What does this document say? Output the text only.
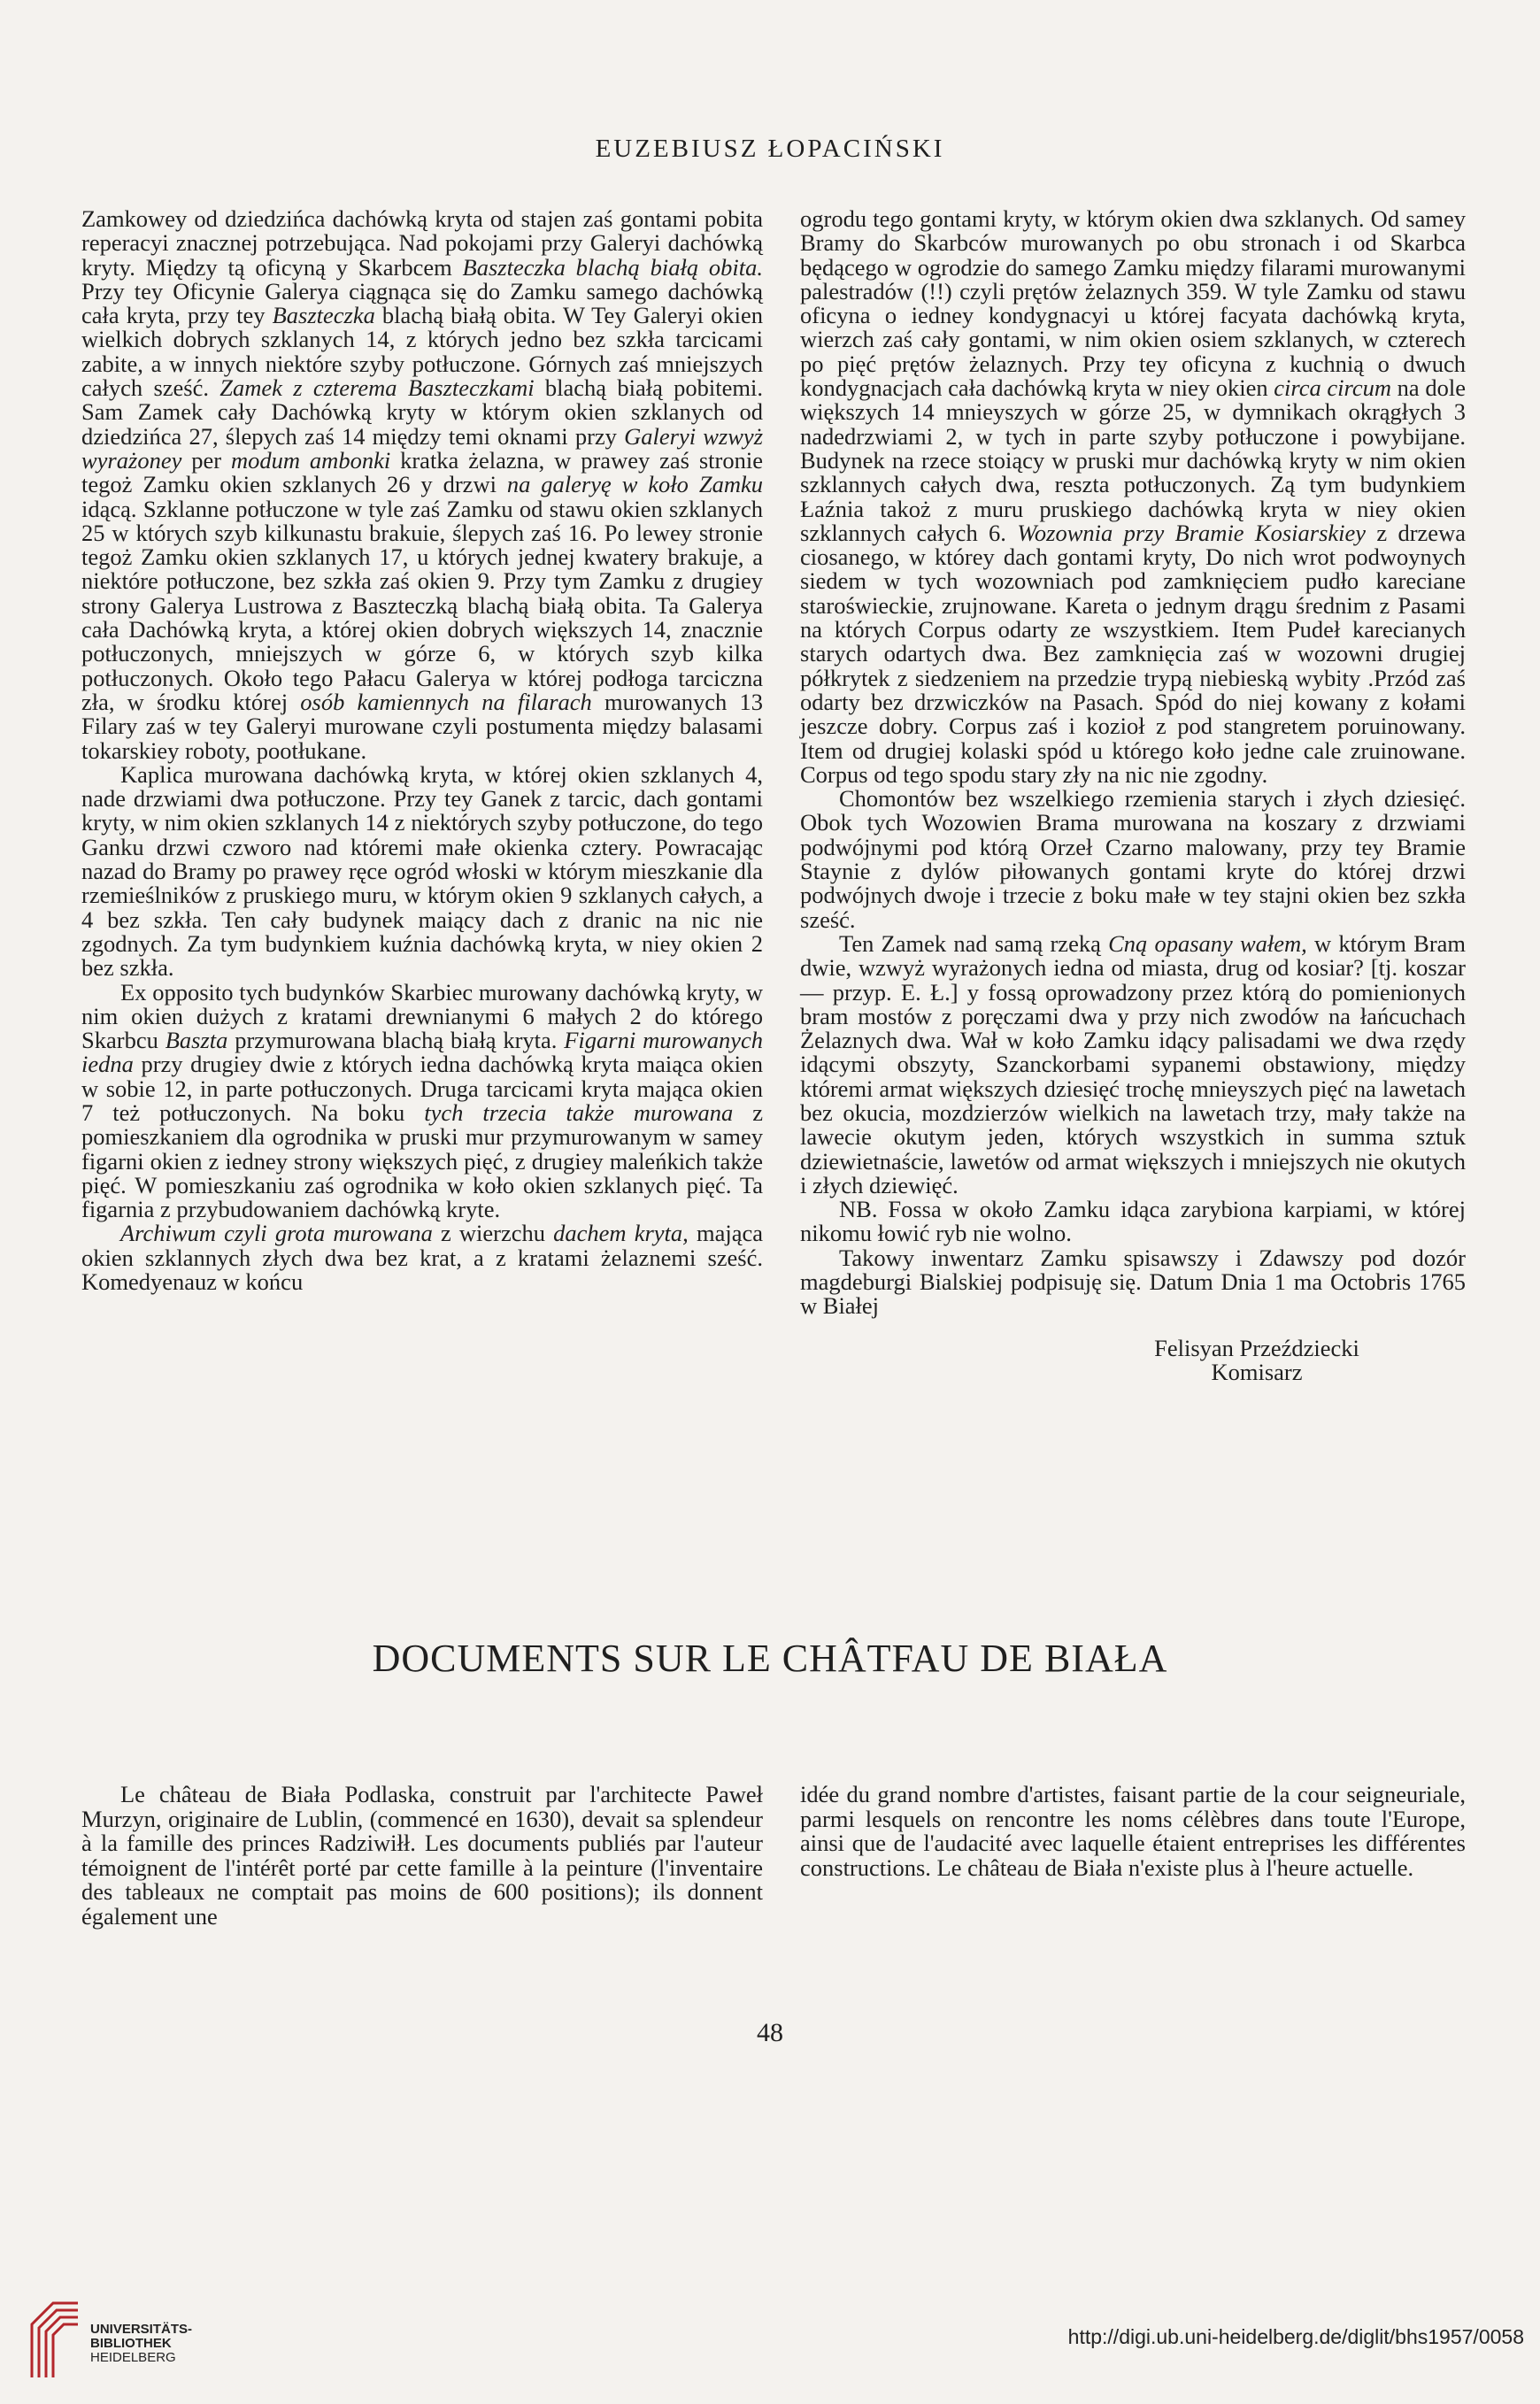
EUZEBIUSZ ŁOPACIŃSKI

Zamkowey od dziedzińca dachówką kryta od stajen zaś gontami pobita reperacyi znacznej potrzebująca. Nad pokojami przy Galeryi dachówką kryty. Między tą oficyną y Skarbcem Baszteczka blachą białą obita. Przy tey Oficynie Galerya ciągnąca się do Zamku samego dachówką cała kryta, przy tey Baszteczka blachą białą obita. W Tey Galeryi okien wielkich dobrych szklanych 14, z których jedno bez szkła tarcicami zabite, a w innych niektóre szyby potłuczone. Górnych zaś mniejszych całych sześć. Zamek z czterema Baszteczkami blachą białą pobitemi. Sam Zamek cały Dachówką kryty w którym okien szklanych od dziedzińca 27, ślepych zaś 14 między temi oknami przy Galeryi wzwyż wyrażoney per modum ambonki kratka żelazna, w prawey zaś stronie tegoż Zamku okien szklanych 26 y drzwi na galeryę w koło Zamku idącą. Szklanne potłuczone w tyle zaś Zamku od stawu okien szklanych 25 w których szyb kilkunastu brakuie, ślepych zaś 16. Po lewey stronie tegoż Zamku okien szklanych 17, u których jednej kwatery brakuje, a niektóre potłuczone, bez szkła zaś okien 9. Przy tym Zamku z drugiey strony Galerya Lustrowa z Baszteczką blachą białą obita. Ta Galerya cała Dachówką kryta, a której okien dobrych większych 14, znacznie potłuczonych, mniejszych w górze 6, w których szyb kilka potłuczonych. Około tego Pałacu Galerya w której podłoga tarciczna zła, w środku której osób kamiennych na filarach murowanych 13 Filary zaś w tey Galeryi murowane czyli postumenta między balasami tokarskiey roboty, pootłukane.

Kaplica murowana dachówką kryta, w której okien szklanych 4, nade drzwiami dwa potłuczone. Przy tey Ganek z tarcic, dach gontami kryty, w nim okien szklanych 14 z niektórych szyby potłuczone, do tego Ganku drzwi czworo nad któremi małe okienka cztery. Powracając nazad do Bramy po prawey ręce ogród włoski w którym mieszkanie dla rzemieślników z pruskiego muru, w którym okien 9 szklanych całych, a 4 bez szkła. Ten cały budynek maiący dach z dranic na nic nie zgodnych. Za tym budynkiem kuźnia dachówką kryta, w niey okien 2 bez szkła.

Ex opposito tych budynków Skarbiec murowany dachówką kryty, w nim okien dużych z kratami drewnianymi 6 małych 2 do którego Skarbcu Baszta przymurowana blachą białą kryta. Figarni murowanych iedna przy drugiey dwie z których iedna dachówką kryta maiąca okien w sobie 12, in parte potłuczonych. Druga tarcicami kryta mająca okien 7 też potłuczonych. Na boku tych trzecia także murowana z pomieszkaniem dla ogrodnika w pruski mur przymurowanym w samey figarni okien z iedney strony większych pięć, z drugiey maleńkich także pięć. W pomieszkaniu zaś ogrodnika w koło okien szklanych pięć. Ta figarnia z przybudowaniem dachówką kryte.

Archiwum czyli grota murowana z wierzchu dachem kryta, mająca okien szklannych złych dwa bez krat, a z kratami żelaznemi sześć. Komedyenauz w końcu

ogrodu tego gontami kryty, w którym okien dwa szklanych. Od samey Bramy do Skarbców murowanych po obu stronach i od Skarbca będącego w ogrodzie do samego Zamku między filarami murowanymi palestradów (!!) czyli prętów żelaznych 359. W tyle Zamku od stawu oficyna o iedney kondygnacyi u której facyata dachówką kryta, wierzch zaś cały gontami, w nim okien osiem szklanych, w czterech po pięć prętów żelaznych. Przy tey oficyna z kuchnią o dwuch kondygnacjach cała dachówką kryta w niey okien circa circum na dole większych 14 mnieyszych w górze 25, w dymnikach okrągłych 3 nadedrzwiami 2, w tych in parte szyby potłuczone i powybijane. Budynek na rzece stoiący w pruski mur dachówką kryty w nim okien szklannych całych dwa, reszta potłuczonych. Zą tym budynkiem Łaźnia takoż z muru pruskiego dachówką kryta w niey okien szklannych całych 6. Wozownia przy Bramie Kosiarskiey z drzewa ciosanego, w którey dach gontami kryty, Do nich wrot podwoynych siedem w tych wozowniach pod zamknięciem pudło kareciane staroświeckie, zrujnowane. Kareta o jednym drągu średnim z Pasami na których Corpus odarty ze wszystkiem. Item Pudeł karecianych starych odartych dwa. Bez zamknięcia zaś w wozowni drugiej półkrytek z siedzeniem na przedzie trypą niebieską wybity .Przód zaś odarty bez drzwiczków na Pasach. Spód do niej kowany z kołami jeszcze dobry. Corpus zaś i kozioł z pod stangretem poruinowany. Item od drugiej kolaski spód u którego koło jedne cale zruinowane. Corpus od tego spodu stary zły na nic nie zgodny.

Chomontów bez wszelkiego rzemienia starych i złych dziesięć. Obok tych Wozowien Brama murowana na koszary z drzwiami podwójnymi pod którą Orzeł Czarno malowany, przy tey Bramie Staynie z dylów piłowanych gontami kryte do której drzwi podwójnych dwoje i trzecie z boku małe w tey stajni okien bez szkła sześć.

Ten Zamek nad samą rzeką Cną opasany wałem, w którym Bram dwie, wzwyż wyrażonych iedna od miasta, drug od kosiar? [tj. koszar — przyp. E. Ł.] y fossą oprowadzony przez którą do pomienionych bram mostów z poręczami dwa y przy nich zwodów na łańcuchach Żelaznych dwa. Wał w koło Zamku idący palisadami we dwa rzędy idącymi obszyty, Szanckorbami sypanemi obstawiony, między któremi armat większych dziesięć trochę mnieyszych pięć na lawetach bez okucia, mozdzierzów wielkich na lawetach trzy, mały także na lawecie okutym jeden, których wszystkich in summa sztuk dziewietnaście, lawetów od armat większych i mniejszych nie okutych i złych dziewięć.

NB. Fossa w około Zamku idąca zarybiona karpiami, w której nikomu łowić ryb nie wolno.

Takowy inwentarz Zamku spisawszy i Zdawszy pod dozór magdeburgi Bialskiej podpisuję się. Datum Dnia 1 ma Octobris 1765 w Białej

Felisyan Przeździecki
Komisarz
DOCUMENTS SUR LE CHÂTFAU DE BIAŁA

Le château de Biała Podlaska, construit par l'architecte Paweł Murzyn, originaire de Lublin, (commencé en 1630), devait sa splendeur à la famille des princes Radziwiłł. Les documents publiés par l'auteur témoignent de l'intérêt porté par cette famille à la peinture (l'inventaire des tableaux ne comptait pas moins de 600 positions); ils donnent également une

idée du grand nombre d'artistes, faisant partie de la cour seigneuriale, parmi lesquels on rencontre les noms célèbres dans toute l'Europe, ainsi que de l'audacité avec laquelle étaient entreprises les différentes constructions. Le château de Biała n'existe plus à l'heure actuelle.

48
UNIVERSITÄTS-
BIBLIOTHEK
HEIDELBERG
http://digi.ub.uni-heidelberg.de/diglit/bhs1957/0058
